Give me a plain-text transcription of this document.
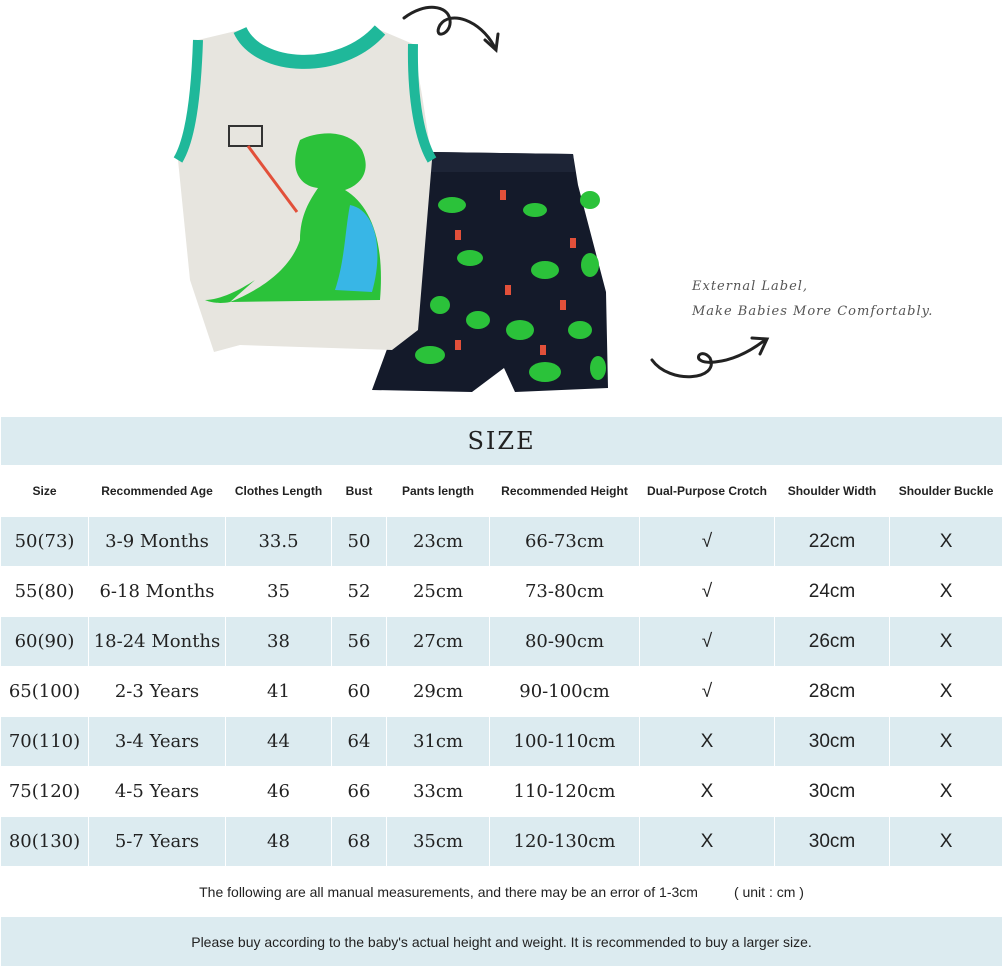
External Label,
Make Babies More Comfortably.
SIZE								
Size	Recommended Age	Clothes Length	Bust	Pants length	Recommended Height	Dual-Purpose Crotch	Shoulder Width	Shoulder Buckle
50(73)	3-9 Months	33.5	50	23cm	66-73cm	√	22cm	X
55(80)	6-18 Months	35	52	25cm	73-80cm	√	24cm	X
60(90)	18-24 Months	38	56	27cm	80-90cm	√	26cm	X
65(100)	2-3 Years	41	60	29cm	90-100cm	√	28cm	X
70(110)	3-4 Years	44	64	31cm	100-110cm	X	30cm	X
75(120)	4-5 Years	46	66	33cm	110-120cm	X	30cm	X
80(130)	5-7 Years	48	68	35cm	120-130cm	X	30cm	X
The following are all manual measurements, and there may be an error of 1-3cm ( unit : cm )								
Please buy according to the baby's actual height and weight. It is recommended to buy a larger size.								
